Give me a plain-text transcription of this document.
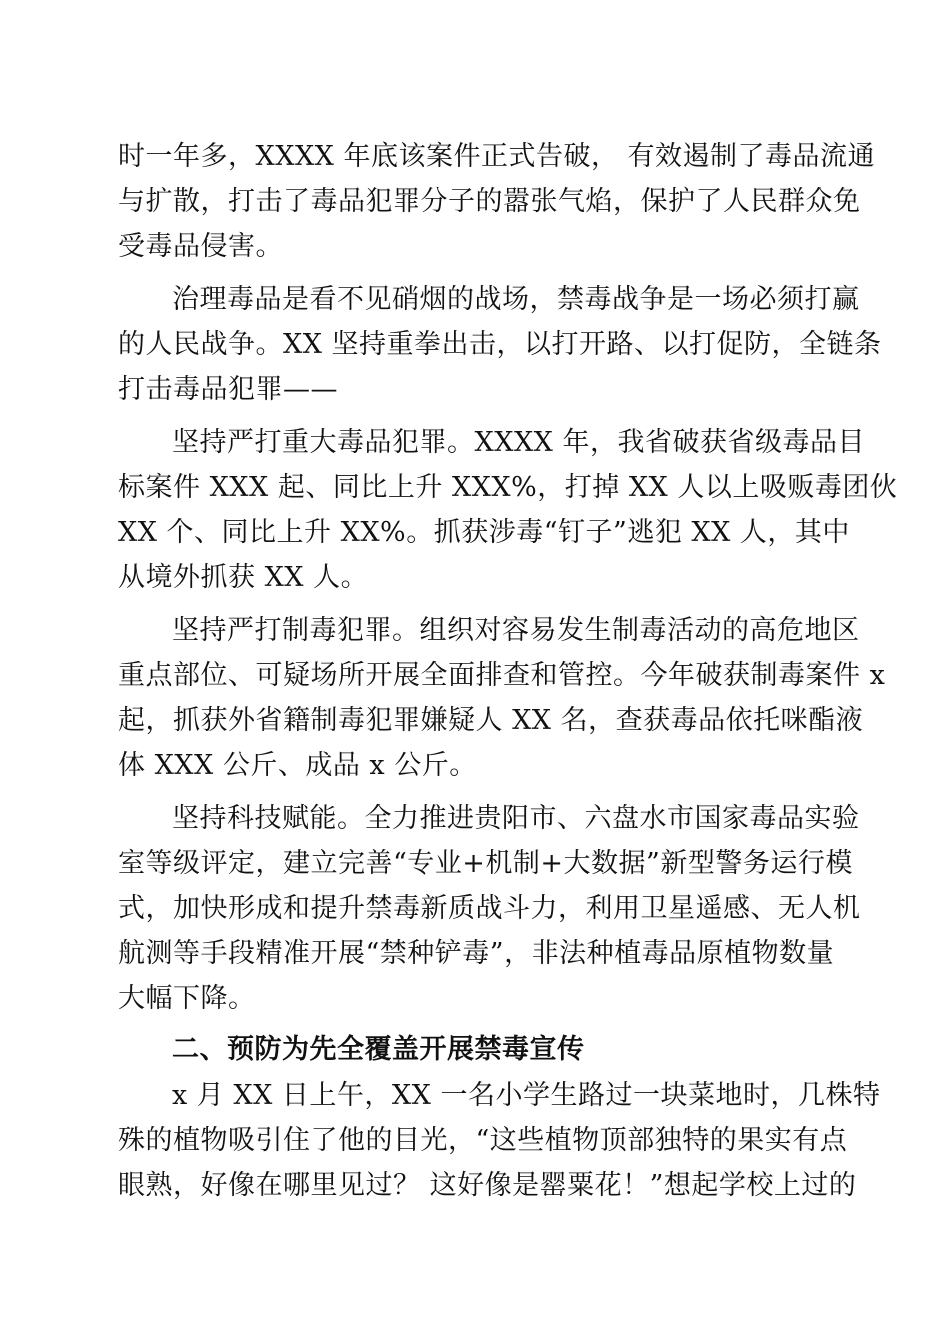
时一年多，XXXX 年底该案件正式告破， 有效遏制了毒品流通
与扩散，打击了毒品犯罪分子的嚣张气焰，保护了人民群众免
受毒品侵害。
治理毒品是看不见硝烟的战场，禁毒战争是一场必须打赢
的人民战争。XX 坚持重拳出击，以打开路、以打促防，全链条
打击毒品犯罪——
坚持严打重大毒品犯罪。XXXX 年，我省破获省级毒品目
标案件 XXX 起、同比上升 XXX%，打掉 XX 人以上吸贩毒团伙
XX 个、同比上升 XX%。抓获涉毒“钉子”逃犯 XX 人，其中
从境外抓获 XX 人。
坚持严打制毒犯罪。组织对容易发生制毒活动的高危地区
重点部位、可疑场所开展全面排查和管控。今年破获制毒案件 x
起，抓获外省籍制毒犯罪嫌疑人 XX 名，查获毒品依托咪酯液
体 XXX 公斤、成品 x 公斤。
坚持科技赋能。全力推进贵阳市、六盘水市国家毒品实验
室等级评定，建立完善“专业+机制+大数据”新型警务运行模
式，加快形成和提升禁毒新质战斗力，利用卫星遥感、无人机
航测等手段精准开展“禁种铲毒”，非法种植毒品原植物数量
大幅下降。
二、预防为先全覆盖开展禁毒宣传
x 月 XX 日上午，XX 一名小学生路过一块菜地时，几株特
殊的植物吸引住了他的目光，“这些植物顶部独特的果实有点
眼熟，好像在哪里见过？ 这好像是罂粟花！”想起学校上过的
